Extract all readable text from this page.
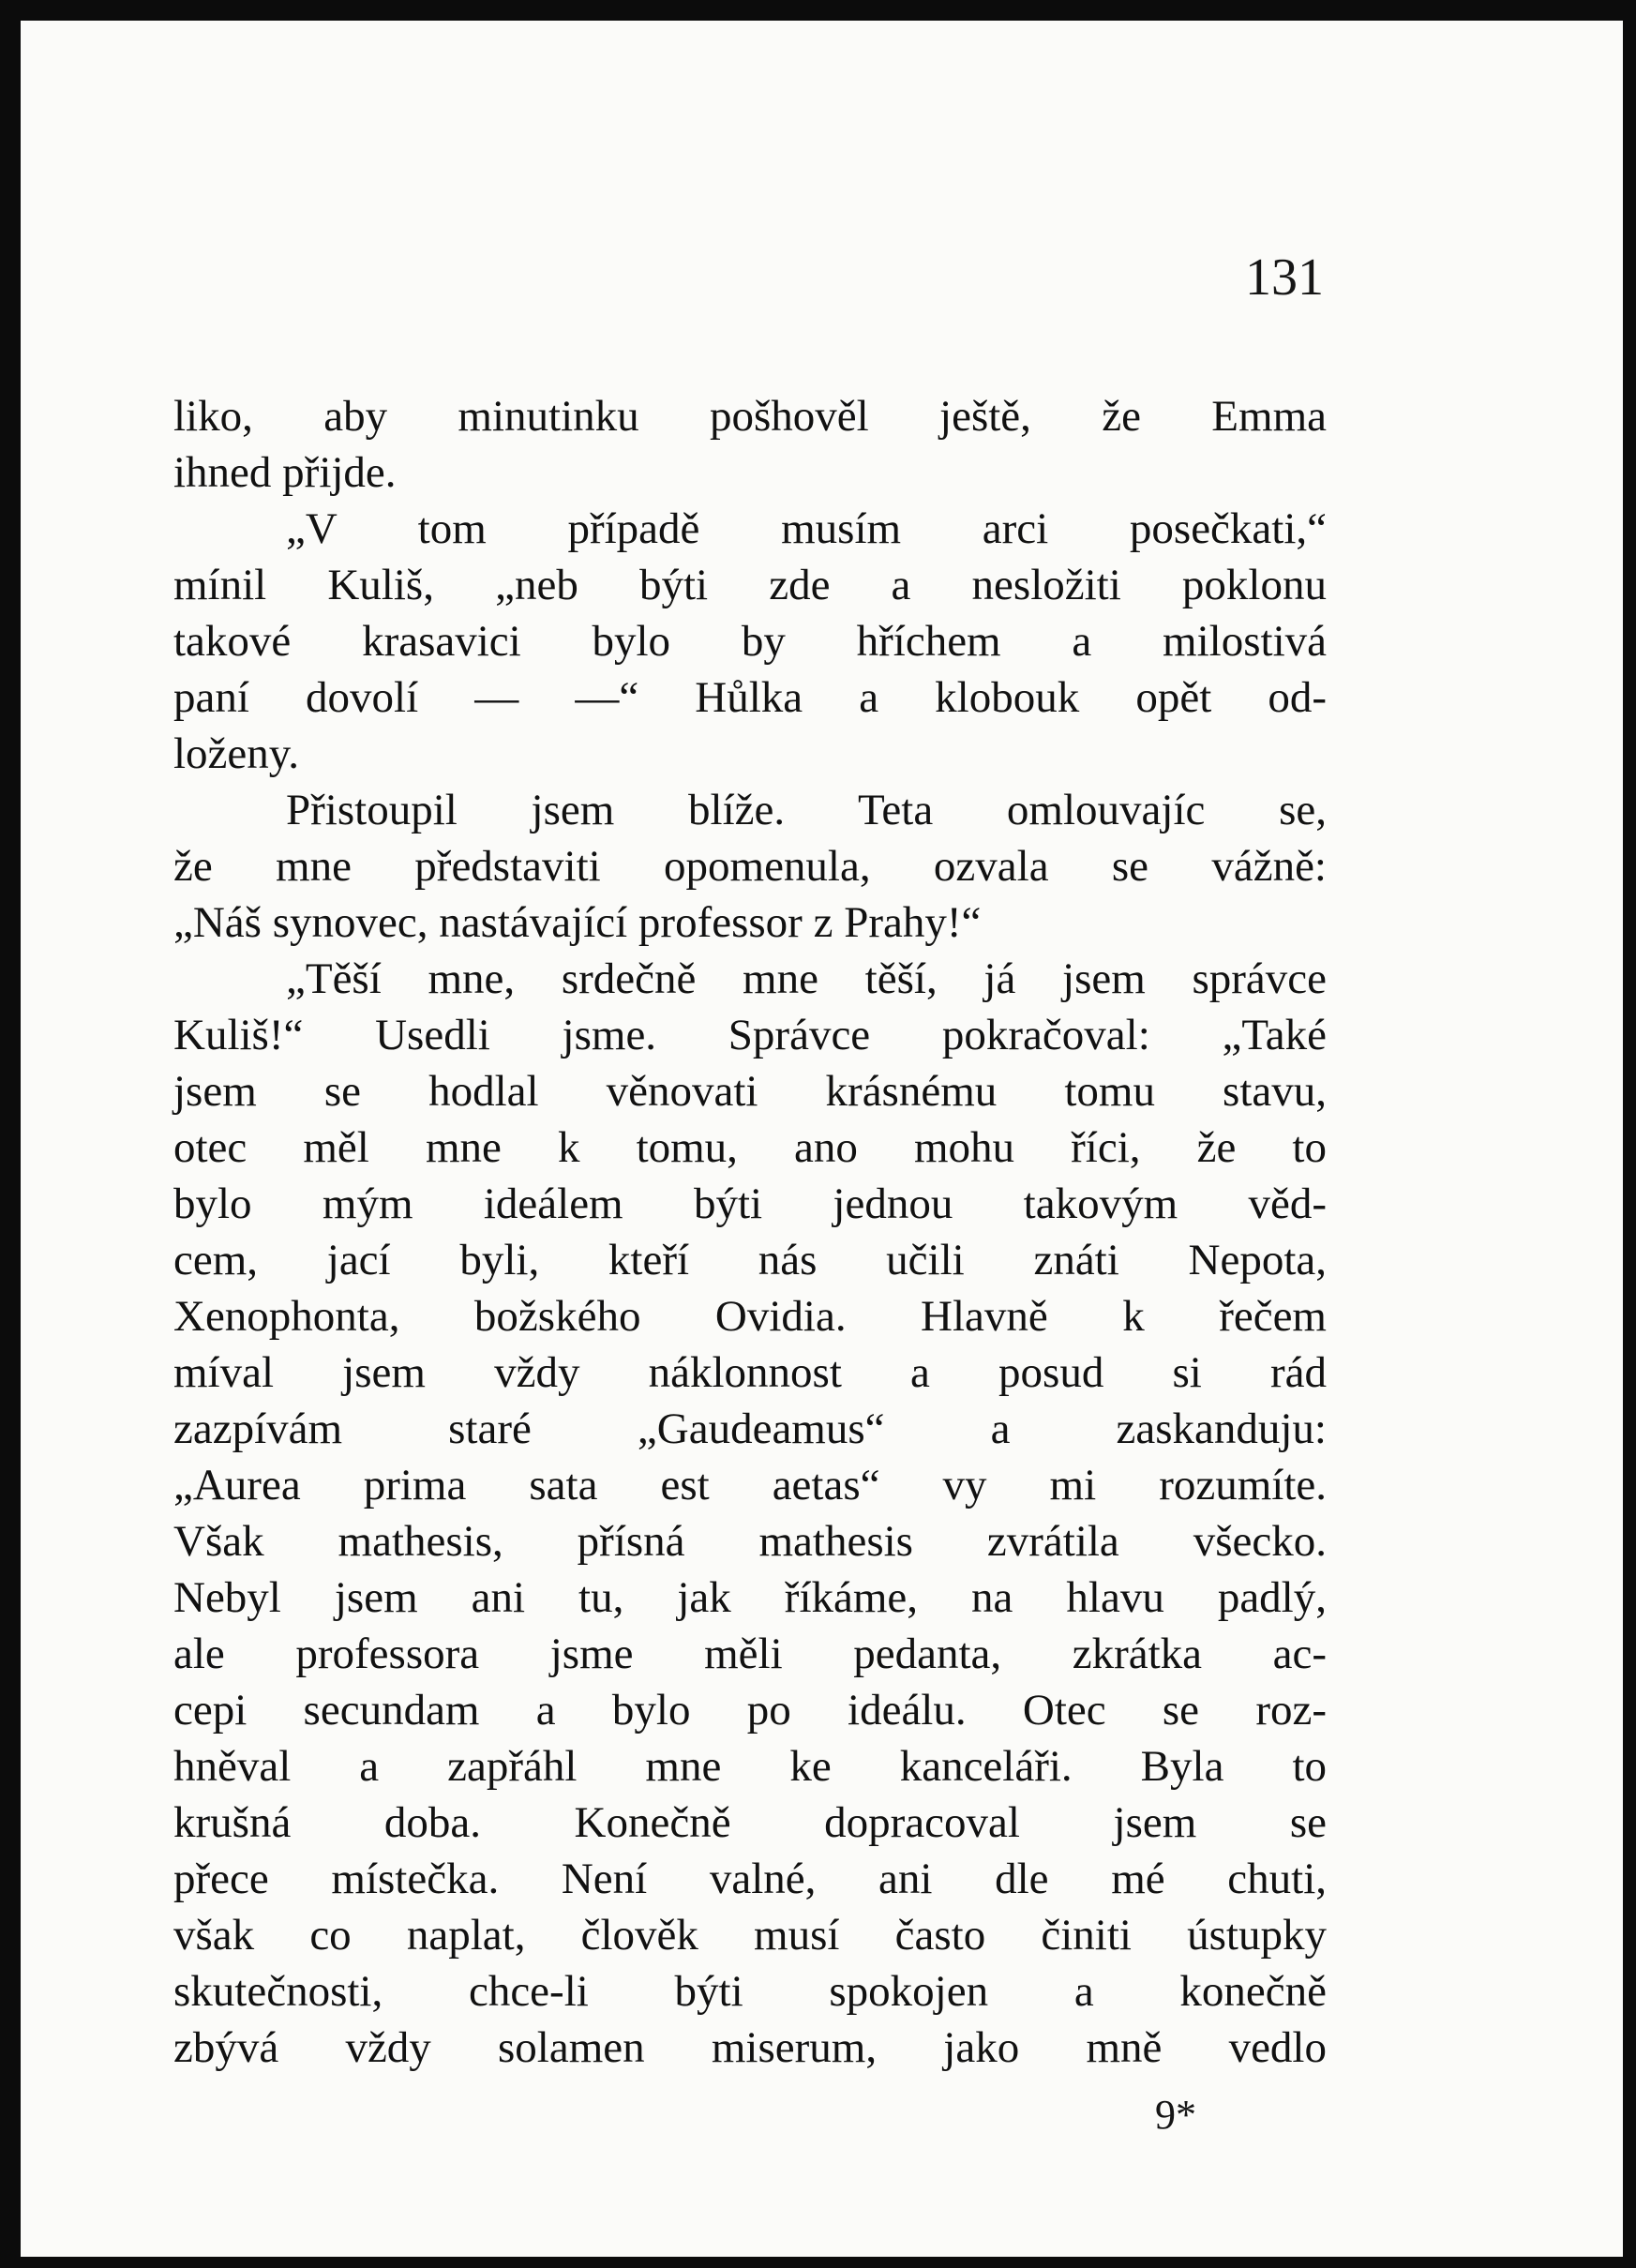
131

liko, aby minutinku pošhověl ještě, že Emma
ihned přijde.
„V tom případě musím arci posečkati,“
mínil Kuliš, „neb býti zde a nesložiti poklonu
takové krasavici bylo by hříchem a milostivá
paní dovolí — —“ Hůlka a klobouk opět od-
loženy.
Přistoupil jsem blíže. Teta omlouvajíc se,
že mne představiti opomenula, ozvala se vážně:
„Náš synovec, nastávající professor z Prahy!“
„Těší mne, srdečně mne těší, já jsem správce
Kuliš!“ Usedli jsme. Správce pokračoval: „Také
jsem se hodlal věnovati krásnému tomu stavu,
otec měl mne k tomu, ano mohu říci, že to
bylo mým ideálem býti jednou takovým věd-
cem, jací byli, kteří nás učili znáti Nepota,
Xenophonta, božského Ovidia. Hlavně k řečem
míval jsem vždy náklonnost a posud si rád
zazpívám staré „Gaudeamus“ a zaskanduju:
„Aurea prima sata est aetas“ vy mi rozumíte.
Však mathesis, přísná mathesis zvrátila všecko.
Nebyl jsem ani tu, jak říkáme, na hlavu padlý,
ale professora jsme měli pedanta, zkrátka ac-
cepi secundam a bylo po ideálu. Otec se roz-
hněval a zapřáhl mne ke kanceláři. Byla to
krušná doba. Konečně dopracoval jsem se
přece místečka. Není valné, ani dle mé chuti,
však co naplat, člověk musí často činiti ústupky
skutečnosti, chce-li býti spokojen a konečně
zbývá vždy solamen miserum, jako mně vedlo

9*
